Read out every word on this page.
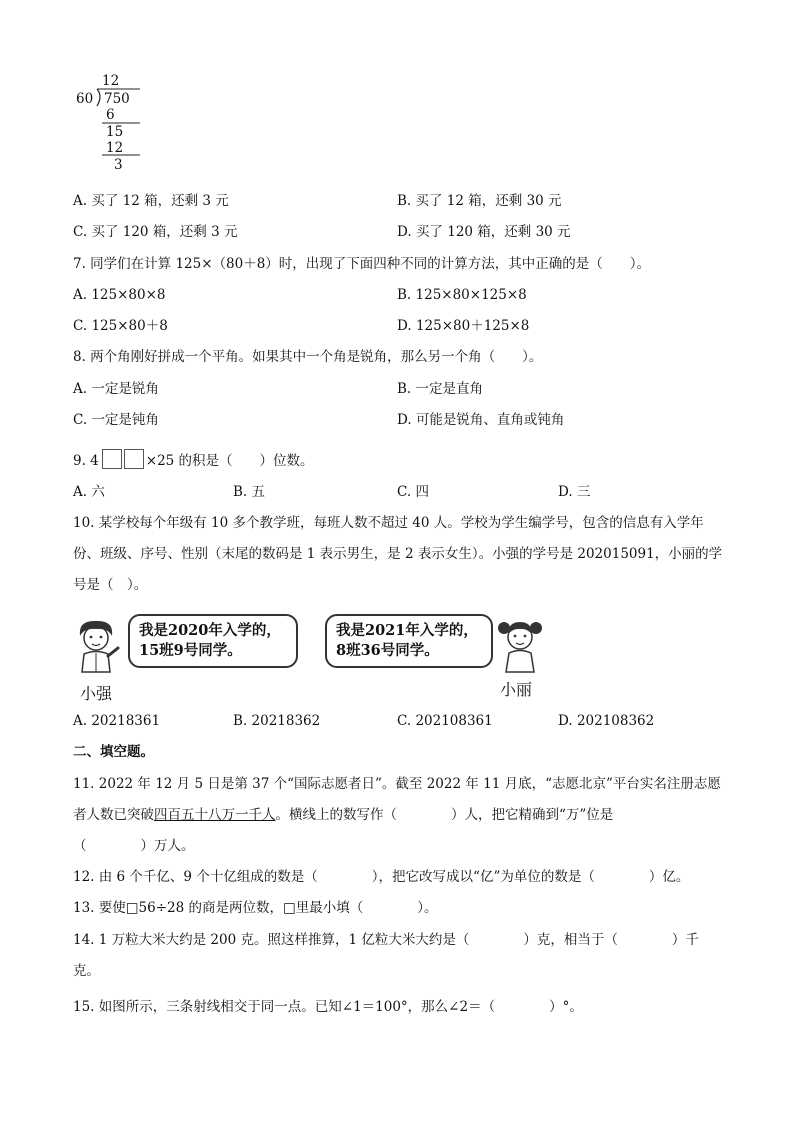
12
60 750
6
15
12
3
A. 买了 12 箱，还剩 3 元	B. 买了 12 箱，还剩 30 元
C. 买了 120 箱，还剩 3 元	D. 买了 120 箱，还剩 30 元
7. 同学们在计算 125×（80＋8）时，出现了下面四种不同的计算方法，其中正确的是（　　）。
A. 125×80×8	B. 125×80×125×8
C. 125×80＋8	D. 125×80＋125×8
8. 两个角刚好拼成一个平角。如果其中一个角是锐角，那么另一个角（　　）。
A. 一定是锐角	B. 一定是直角
C. 一定是钝角	D. 可能是锐角、直角或钝角
9. 4	×25 的积是（　　）位数。
A. 六	B. 五	C. 四	D. 三
10. 某学校每个年级有 10 多个教学班，每班人数不超过 40 人。学校为学生编学号，包含的信息有入学年
份、班级、序号、性别（末尾的数码是 1 表示男生，是 2 表示女生）。小强的学号是 202015091，小丽的学
号是（　）。
我是2020年入学的，
15班9号同学。
小强
我是2021年入学的，
8班36号同学。
小丽
A. 20218361	B. 20218362	C. 202108361	D. 202108362
二、填空题。
11. 2022 年 12 月 5 日是第 37 个“国际志愿者日”。截至 2022 年 11 月底，“志愿北京”平台实名注册志愿
者人数已突破四百五十八万一千人。横线上的数写作（　　　　）人，把它精确到“万”位是
（　　　　）万人。
12. 由 6 个千亿、9 个十亿组成的数是（　　　　），把它改写成以“亿”为单位的数是（　　　　）亿。
13. 要使□56÷28 的商是两位数，□里最小填（　　　　）。
14. 1 万粒大米大约是 200 克。照这样推算，1 亿粒大米大约是（　　　　）克，相当于（　　　　）千
克。
15. 如图所示，三条射线相交于同一点。已知∠1＝100°，那么∠2＝（　　　　）°。
